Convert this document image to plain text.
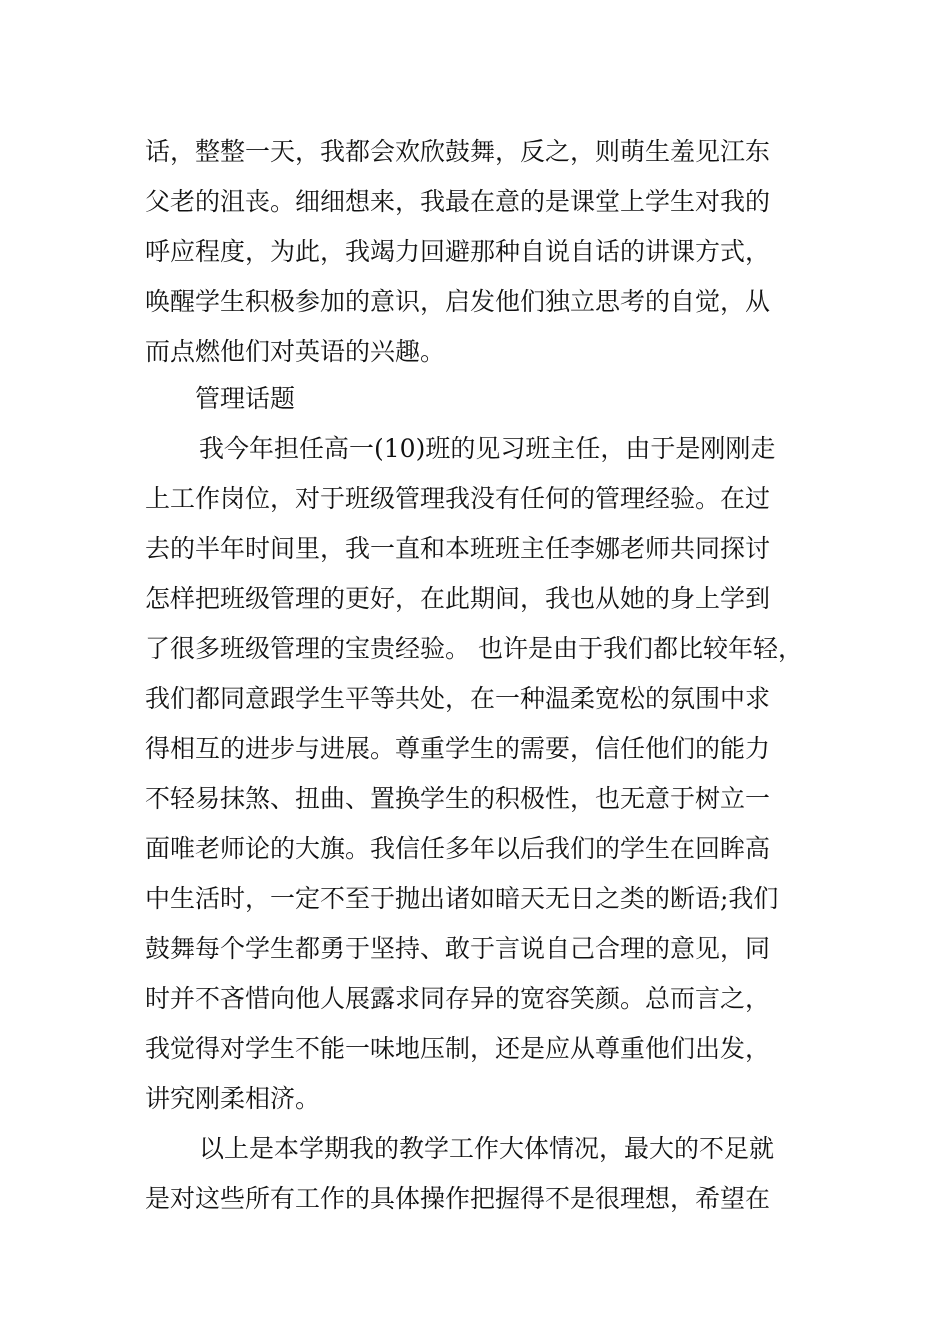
话，整整一天，我都会欢欣鼓舞，反之，则萌生羞见江东

父老的沮丧。细细想来，我最在意的是课堂上学生对我的

呼应程度，为此，我竭力回避那种自说自话的讲课方式，

唤醒学生积极参加的意识，启发他们独立思考的自觉，从

而点燃他们对英语的兴趣。

管理话题

我今年担任高一(10)班的见习班主任，由于是刚刚走

上工作岗位，对于班级管理我没有任何的管理经验。在过

去的半年时间里，我一直和本班班主任李娜老师共同探讨

怎样把班级管理的更好，在此期间，我也从她的身上学到

了很多班级管理的宝贵经验。 也许是由于我们都比较年轻，

我们都同意跟学生平等共处，在一种温柔宽松的氛围中求

得相互的进步与进展。尊重学生的需要，信任他们的能力

不轻易抹煞、扭曲、置换学生的积极性，也无意于树立一

面唯老师论的大旗。我信任多年以后我们的学生在回眸高

中生活时，一定不至于抛出诸如暗天无日之类的断语;我们

鼓舞每个学生都勇于坚持、敢于言说自己合理的意见，同

时并不吝惜向他人展露求同存异的宽容笑颜。总而言之，

我觉得对学生不能一味地压制，还是应从尊重他们出发，

讲究刚柔相济。

以上是本学期我的教学工作大体情况，最大的不足就

是对这些所有工作的具体操作把握得不是很理想，希望在
